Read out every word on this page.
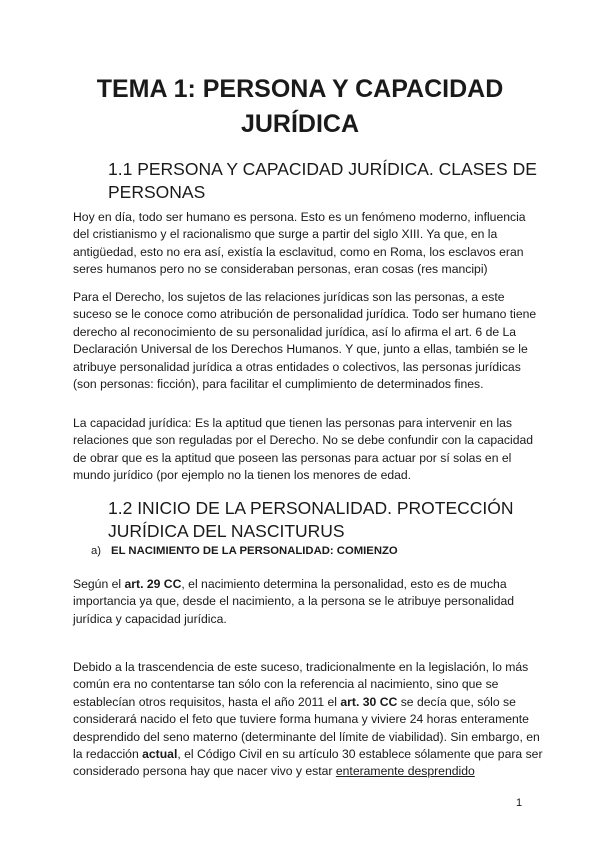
TEMA 1: PERSONA Y CAPACIDAD JURÍDICA
1.1 PERSONA Y CAPACIDAD JURÍDICA. CLASES DE PERSONAS

Hoy en día, todo ser humano es persona. Esto es un fenómeno moderno, influencia del cristianismo y el racionalismo que surge a partir del siglo XIII. Ya que, en la antigüedad, esto no era así, existía la esclavitud, como en Roma, los esclavos eran seres humanos pero no se consideraban personas, eran cosas (res mancipi)

Para el Derecho, los sujetos de las relaciones jurídicas son las personas, a este suceso se le conoce como atribución de personalidad jurídica. Todo ser humano tiene derecho al reconocimiento de su personalidad jurídica, así lo afirma el art. 6 de La Declaración Universal de los Derechos Humanos. Y que, junto a ellas, también se le atribuye personalidad jurídica a otras entidades o colectivos, las personas jurídicas (son personas: ficción), para facilitar el cumplimiento de determinados fines.

La capacidad jurídica: Es la aptitud que tienen las personas para intervenir en las relaciones que son reguladas por el Derecho. No se debe confundir con la capacidad de obrar que es la aptitud que poseen las personas para actuar por sí solas en el mundo jurídico (por ejemplo no la tienen los menores de edad.

1.2 INICIO DE LA PERSONALIDAD. PROTECCIÓN JURÍDICA DEL NASCITURUS

a) EL NACIMIENTO DE LA PERSONALIDAD: COMIENZO

Según el art. 29 CC, el nacimiento determina la personalidad, esto es de mucha importancia ya que, desde el nacimiento, a la persona se le atribuye personalidad jurídica y capacidad jurídica.

Debido a la trascendencia de este suceso, tradicionalmente en la legislación, lo más común era no contentarse tan sólo con la referencia al nacimiento, sino que se establecían otros requisitos, hasta el año 2011 el art. 30 CC se decía que, sólo se considerará nacido el feto que tuviere forma humana y viviere 24 horas enteramente desprendido del seno materno (determinante del límite de viabilidad). Sin embargo, en la redacción actual, el Código Civil en su artículo 30 establece sólamente que para ser considerado persona hay que nacer vivo y estar enteramente desprendido

1
